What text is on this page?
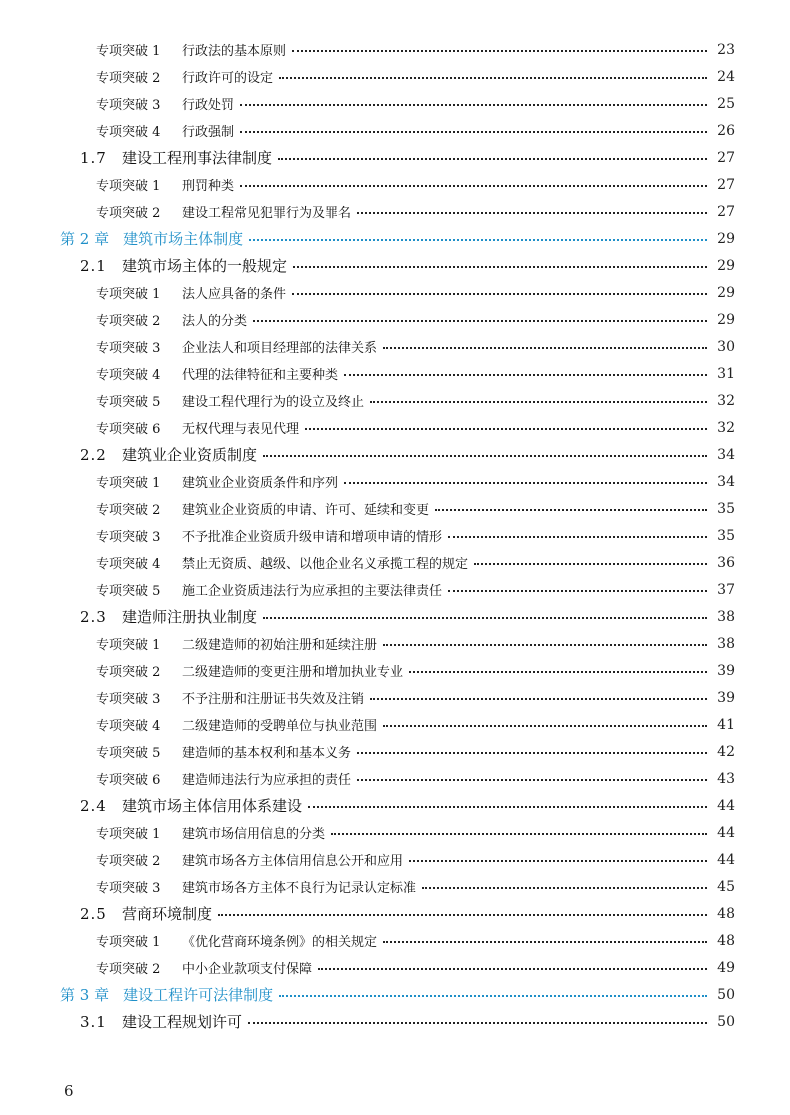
专项突破 1	行政法的基本原则	23
专项突破 2	行政许可的设定	24
专项突破 3	行政处罚	25
专项突破 4	行政强制	26
1.7	建设工程刑事法律制度	27
专项突破 1	刑罚种类	27
专项突破 2	建设工程常见犯罪行为及罪名	27
第 2 章 建筑市场主体制度	29
2.1	建筑市场主体的一般规定	29
专项突破 1	法人应具备的条件	29
专项突破 2	法人的分类	29
专项突破 3	企业法人和项目经理部的法律关系	30
专项突破 4	代理的法律特征和主要种类	31
专项突破 5	建设工程代理行为的设立及终止	32
专项突破 6	无权代理与表见代理	32
2.2	建筑业企业资质制度	34
专项突破 1	建筑业企业资质条件和序列	34
专项突破 2	建筑业企业资质的申请、许可、延续和变更	35
专项突破 3	不予批准企业资质升级申请和增项申请的情形	35
专项突破 4	禁止无资质、越级、以他企业名义承揽工程的规定	36
专项突破 5	施工企业资质违法行为应承担的主要法律责任	37
2.3	建造师注册执业制度	38
专项突破 1	二级建造师的初始注册和延续注册	38
专项突破 2	二级建造师的变更注册和增加执业专业	39
专项突破 3	不予注册和注册证书失效及注销	39
专项突破 4	二级建造师的受聘单位与执业范围	41
专项突破 5	建造师的基本权利和基本义务	42
专项突破 6	建造师违法行为应承担的责任	43
2.4	建筑市场主体信用体系建设	44
专项突破 1	建筑市场信用信息的分类	44
专项突破 2	建筑市场各方主体信用信息公开和应用	44
专项突破 3	建筑市场各方主体不良行为记录认定标准	45
2.5	营商环境制度	48
专项突破 1	《优化营商环境条例》的相关规定	48
专项突破 2	中小企业款项支付保障	49
第 3 章 建设工程许可法律制度	50
3.1	建设工程规划许可	50
6
